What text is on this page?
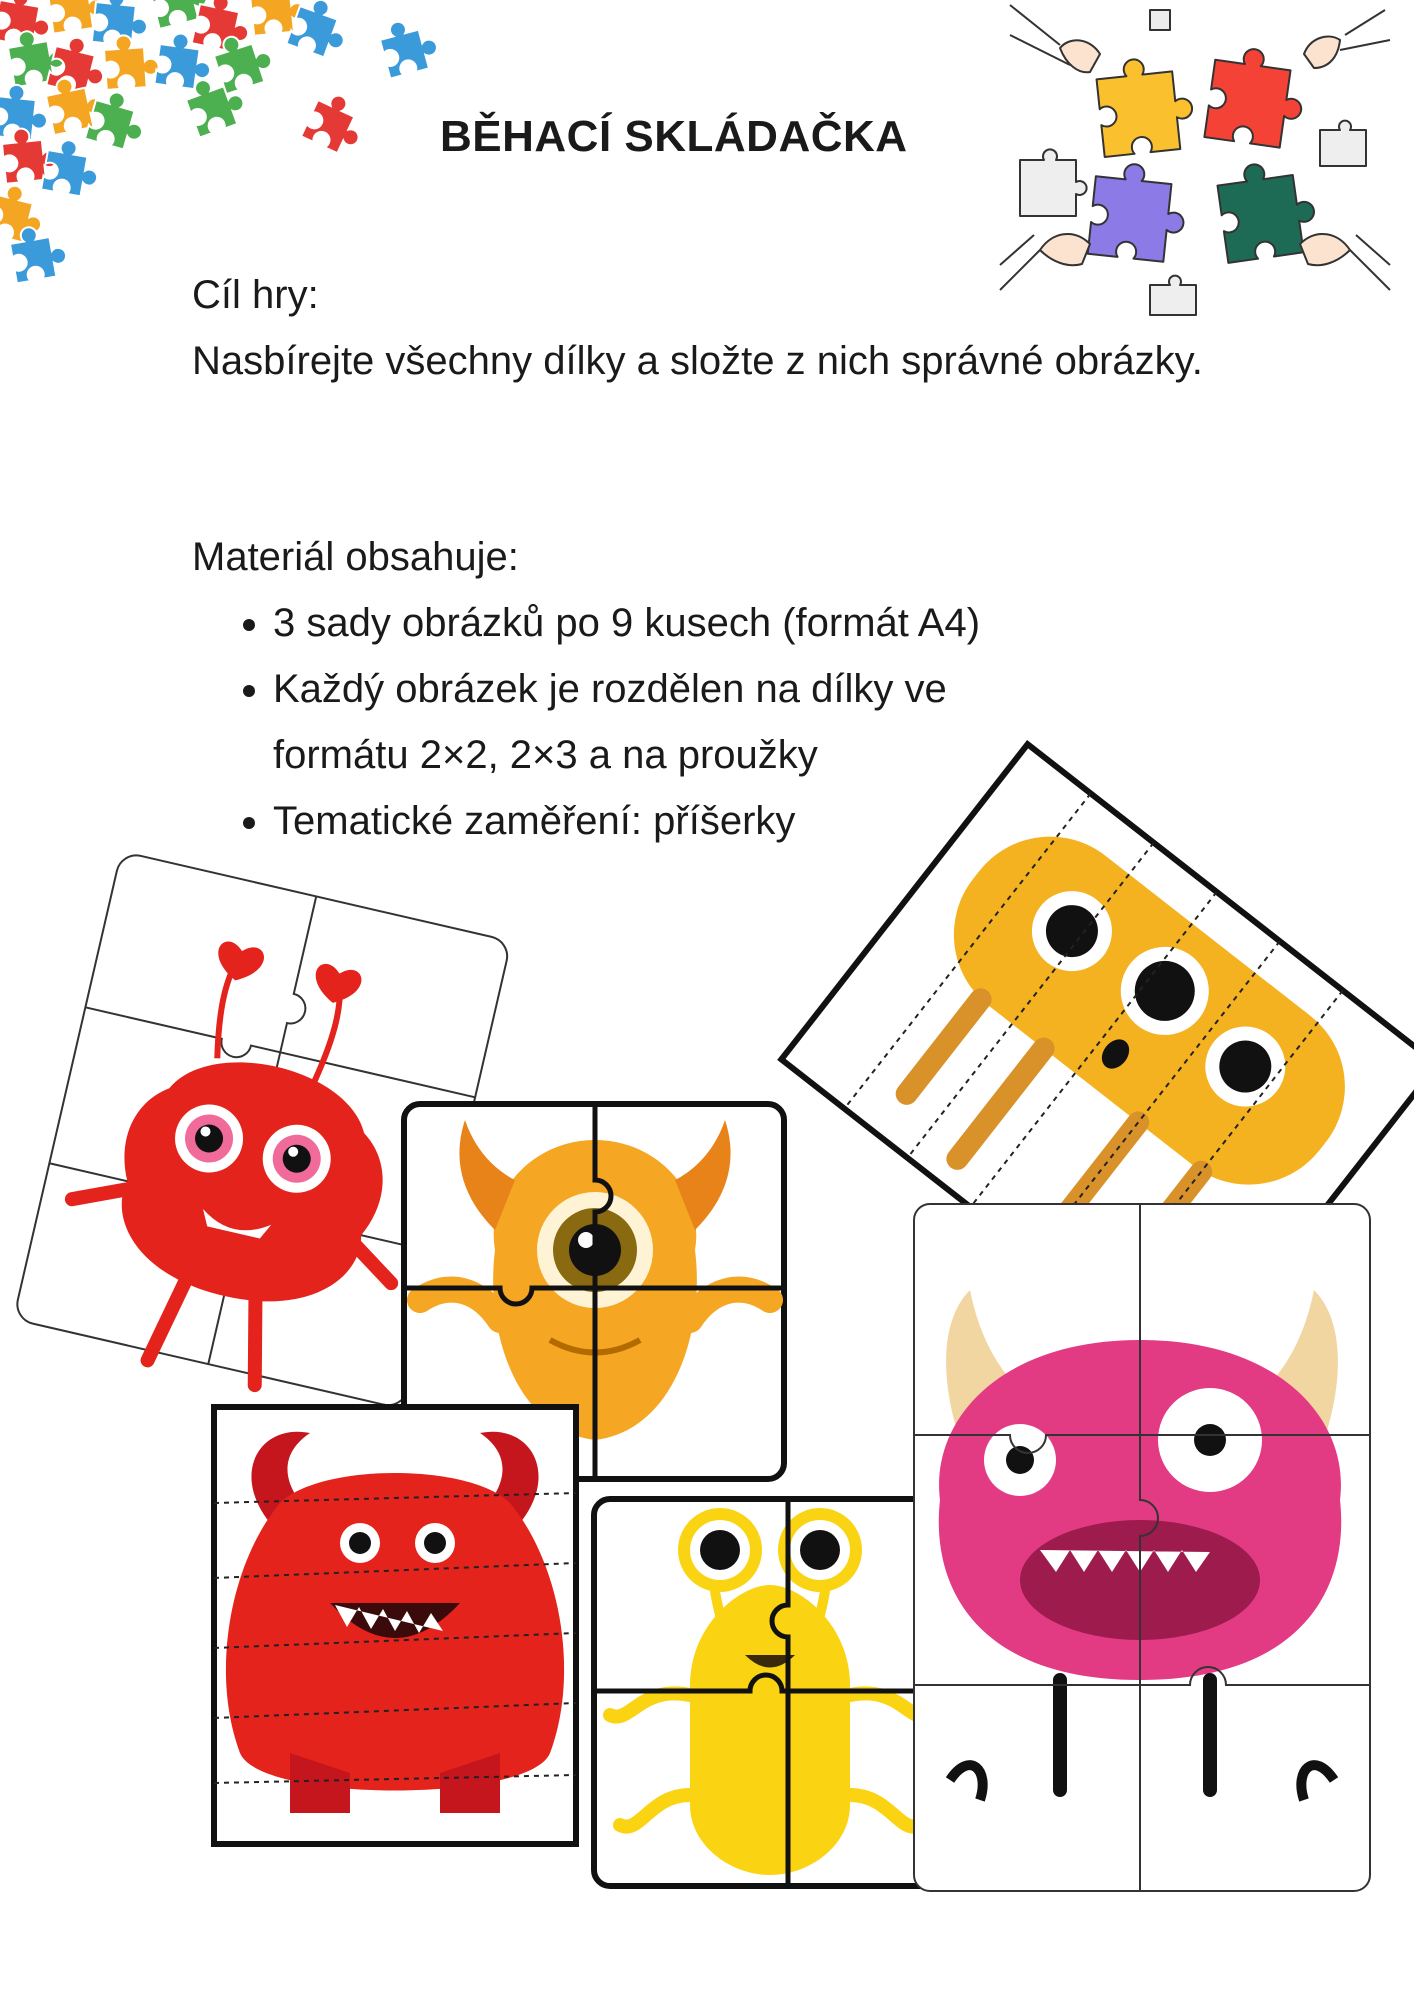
BĚHACÍ SKLÁDAČKA
Cíl hry:
Nasbírejte všechny dílky a složte z nich správné obrázky.
Materiál obsahuje:
• 3 sady obrázků po 9 kusech (formát A4)
• Každý obrázek je rozdělen na dílky ve formátu 2×2, 2×3 a na proužky
• Tematické zaměření: příšerky
